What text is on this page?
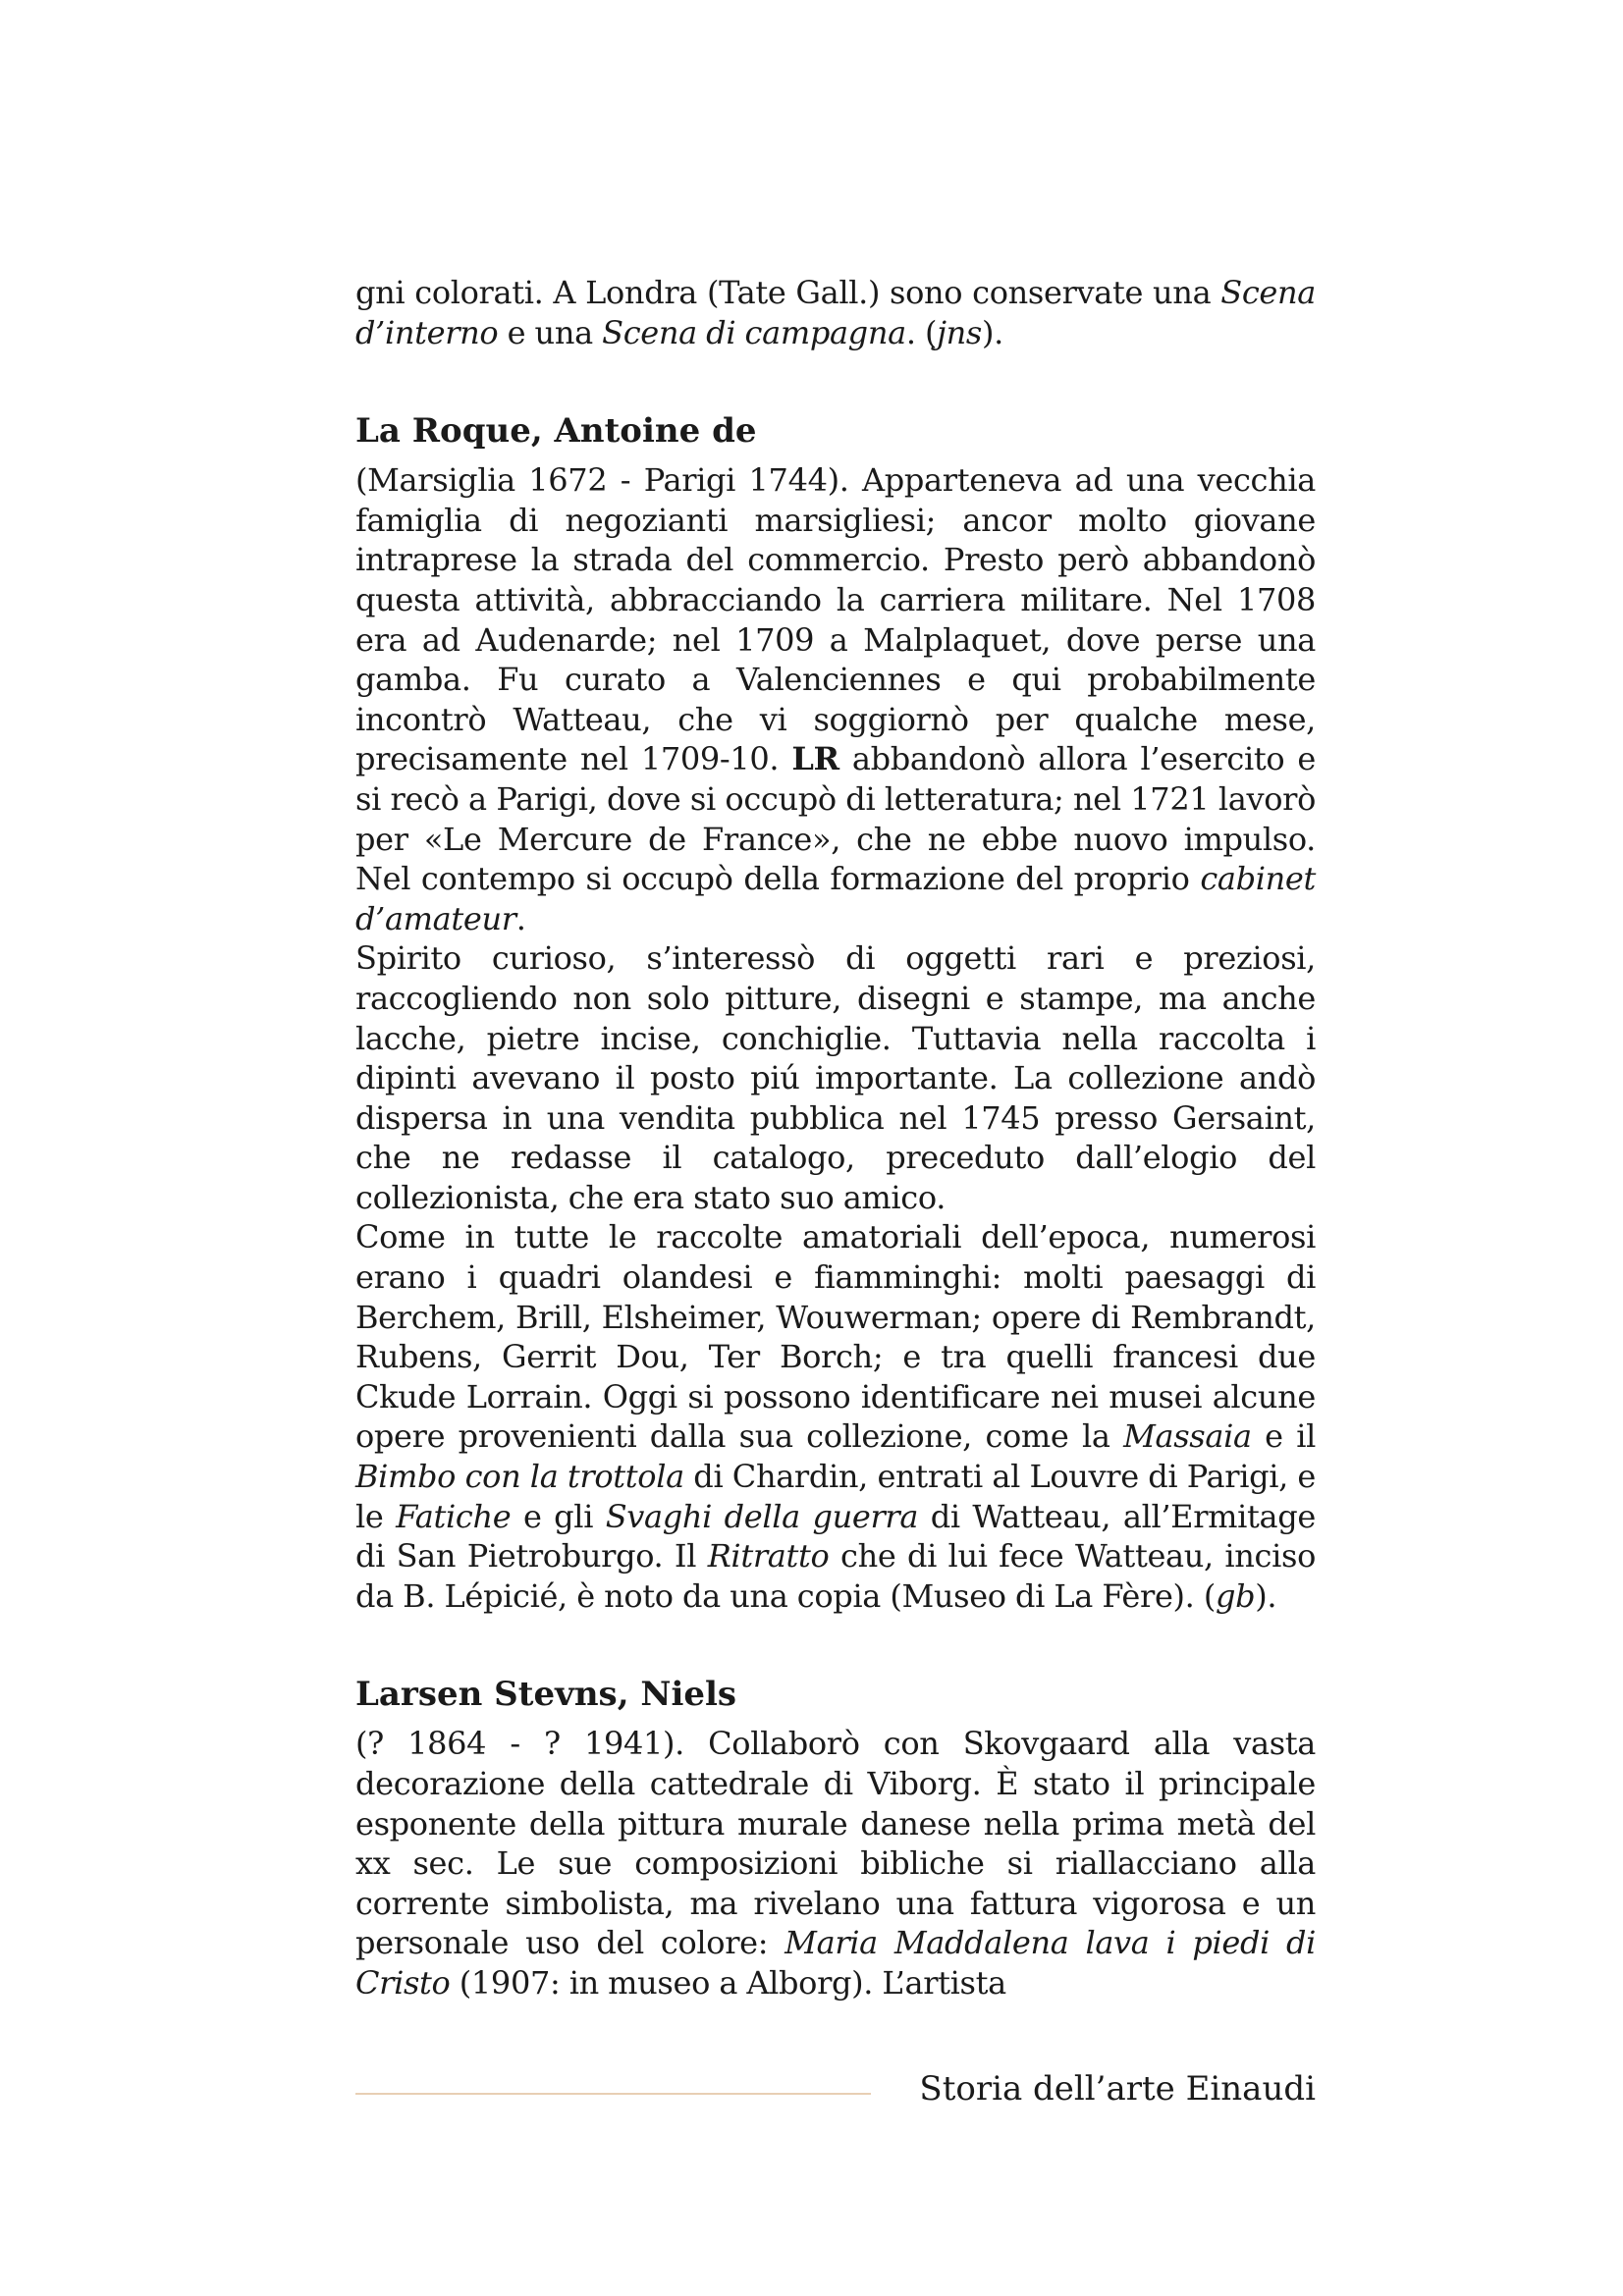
gni colorati. A Londra (Tate Gall.) sono conservate una Scena d’interno e una Scena di campagna. (jns).

La Roque, Antoine de

(Marsiglia 1672 - Parigi 1744). Apparteneva ad una vecchia famiglia di negozianti marsigliesi; ancor molto giovane intraprese la strada del commercio. Presto però abbandonò questa attività, abbracciando la carriera militare. Nel 1708 era ad Audenarde; nel 1709 a Malplaquet, dove perse una gamba. Fu curato a Valenciennes e qui probabilmente incontrò Watteau, che vi soggiornò per qualche mese, precisamente nel 1709-10. LR abbandonò allora l’esercito e si recò a Parigi, dove si occupò di letteratura; nel 1721 lavorò per «Le Mercure de France», che ne ebbe nuovo impulso. Nel contempo si occupò della formazione del proprio cabinet d’amateur.

Spirito curioso, s’interessò di oggetti rari e preziosi, raccogliendo non solo pitture, disegni e stampe, ma anche lacche, pietre incise, conchiglie. Tuttavia nella raccolta i dipinti avevano il posto piú importante. La collezione andò dispersa in una vendita pubblica nel 1745 presso Gersaint, che ne redasse il catalogo, preceduto dall’elogio del collezionista, che era stato suo amico.

Come in tutte le raccolte amatoriali dell’epoca, numerosi erano i quadri olandesi e fiamminghi: molti paesaggi di Berchem, Brill, Elsheimer, Wouwerman; opere di Rembrandt, Rubens, Gerrit Dou, Ter Borch; e tra quelli francesi due Ckude Lorrain. Oggi si possono identificare nei musei alcune opere provenienti dalla sua collezione, come la Massaia e il Bimbo con la trottola di Chardin, entrati al Louvre di Parigi, e le Fatiche e gli Svaghi della guerra di Watteau, all’Ermitage di San Pietroburgo. Il Ritratto che di lui fece Watteau, inciso da B. Lépicié, è noto da una copia (Museo di La Fère). (gb).

Larsen Stevns, Niels

(? 1864 - ? 1941). Collaborò con Skovgaard alla vasta decorazione della cattedrale di Viborg. È stato il principale esponente della pittura murale danese nella prima metà del xx sec. Le sue composizioni bibliche si riallacciano alla corrente simbolista, ma rivelano una fattura vigorosa e un personale uso del colore: Maria Maddalena lava i piedi di Cristo (1907: in museo a Alborg). L’artista

Storia dell’arte Einaudi
